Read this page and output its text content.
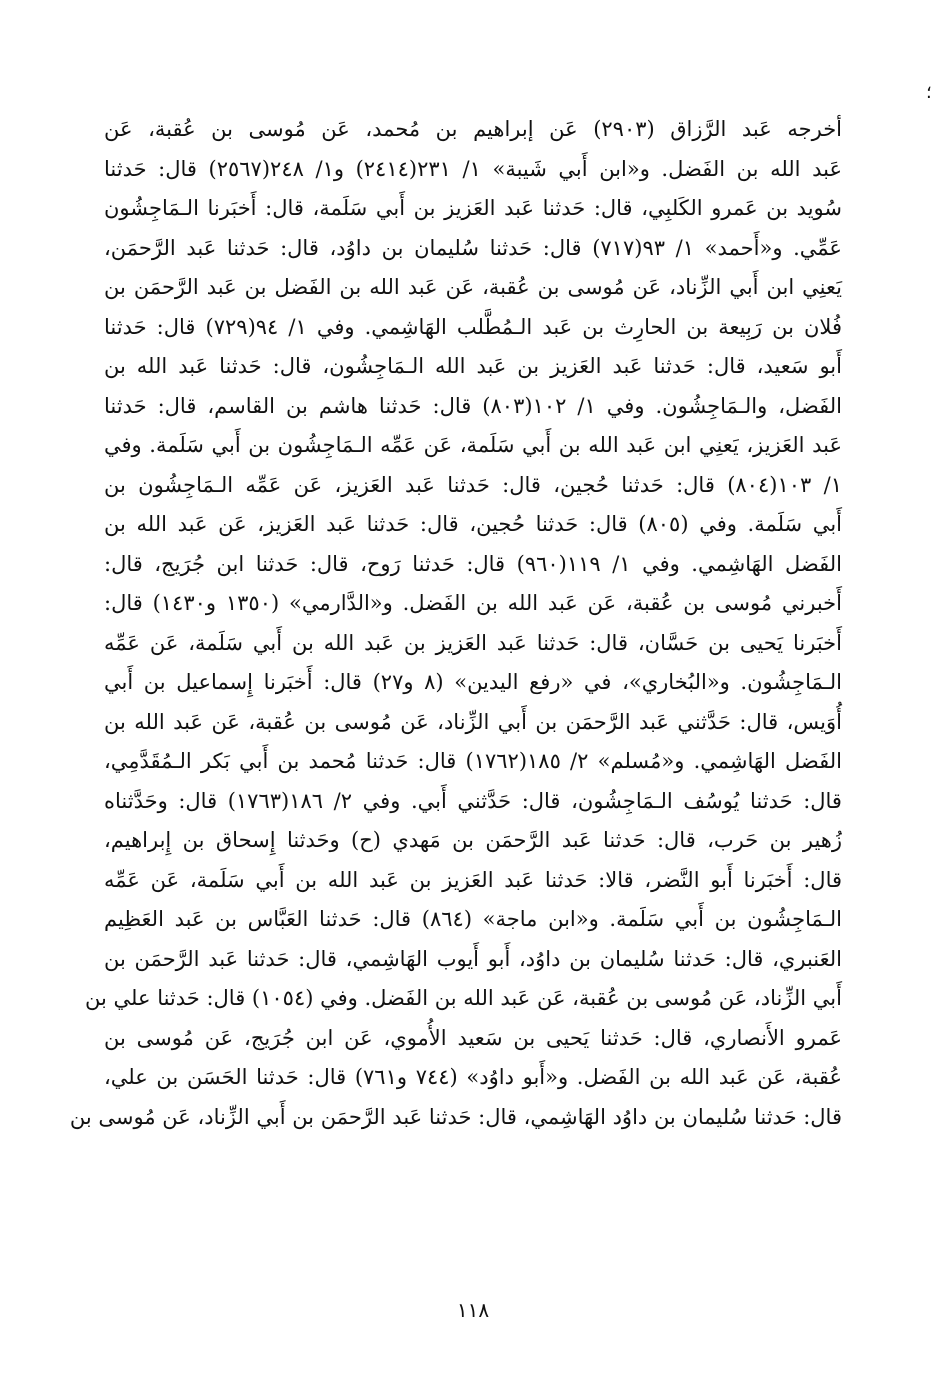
؛
أخرجه عَبد الرَّزاق (٢٩٠٣) عَن إبراهيم بن مُحمد، عَن مُوسى بن عُقبة، عَن
عَبد الله بن الفَضل. و«ابن أَبي شَيبة» ١/ ٢٣١(٢٤١٤) و١/ ٢٤٨(٢٥٦٧) قال: حَدثنا
سُويد بن عَمرو الكَلبِي، قال: حَدثنا عَبد العَزيز بن أَبي سَلَمة، قال: أَخبَرنا الـمَاجِشُون
عَمِّي. و«أَحمد» ١/ ٩٣(٧١٧) قال: حَدثنا سُليمان بن داوُد، قال: حَدثنا عَبد الرَّحمَن،
يَعنِي ابن أَبي الزِّناد، عَن مُوسى بن عُقبة، عَن عَبد الله بن الفَضل بن عَبد الرَّحمَن بن
فُلان بن رَبِيعة بن الحارِث بن عَبد الـمُطَّلب الهَاشِمي. وفي ١/ ٩٤(٧٢٩) قال: حَدثنا
أَبو سَعيد، قال: حَدثنا عَبد العَزيز بن عَبد الله الـمَاجِشُون، قال: حَدثنا عَبد الله بن
الفَضل، والـمَاجِشُون. وفي ١/ ١٠٢(٨٠٣) قال: حَدثنا هاشم بن القاسم، قال: حَدثنا
عَبد العَزيز، يَعنِي ابن عَبد الله بن أَبي سَلَمة، عَن عَمِّه الـمَاجِشُون بن أَبي سَلَمة. وفي
١/ ١٠٣(٨٠٤) قال: حَدثنا حُجين، قال: حَدثنا عَبد العَزيز، عَن عَمِّه الـمَاجِشُون بن
أَبي سَلَمة. وفي (٨٠٥) قال: حَدثنا حُجين، قال: حَدثنا عَبد العَزيز، عَن عَبد الله بن
الفَضل الهَاشِمي. وفي ١/ ١١٩(٩٦٠) قال: حَدثنا رَوح، قال: حَدثنا ابن جُرَيج، قال:
أَخبرني مُوسى بن عُقبة، عَن عَبد الله بن الفَضل. و«الدَّارمي» (١٣٥٠ و١٤٣٠) قال:
أَخبَرنا يَحيى بن حَسَّان، قال: حَدثنا عَبد العَزيز بن عَبد الله بن أَبي سَلَمة، عَن عَمِّه
الـمَاجِشُون. و«البُخاري»، في «رفع اليدين» (٨ و٢٧) قال: أَخبَرنا إِسماعيل بن أَبي
أُوَيس، قال: حَدَّثني عَبد الرَّحمَن بن أَبي الزِّناد، عَن مُوسى بن عُقبة، عَن عَبد الله بن
الفَضل الهَاشِمي. و«مُسلم» ٢/ ١٨٥(١٧٦٢) قال: حَدثنا مُحمد بن أَبي بَكر الـمُقَدَّمِي،
قال: حَدثنا يُوسُف الـمَاجِشُون، قال: حَدَّثني أَبي. وفي ٢/ ١٨٦(١٧٦٣) قال: وحَدَّثناه
زُهير بن حَرب، قال: حَدثنا عَبد الرَّحمَن بن مَهدي (ح) وحَدثنا إِسحاق بن إِبراهيم،
قال: أَخبَرنا أَبو النَّضر، قالا: حَدثنا عَبد العَزيز بن عَبد الله بن أَبي سَلَمة، عَن عَمِّه
الـمَاجِشُون بن أَبي سَلَمة. و«ابن ماجة» (٨٦٤) قال: حَدثنا العَبَّاس بن عَبد العَظِيم
العَنبري، قال: حَدثنا سُليمان بن داوُد، أَبو أَيوب الهَاشِمي، قال: حَدثنا عَبد الرَّحمَن بن
أَبي الزِّناد، عَن مُوسى بن عُقبة، عَن عَبد الله بن الفَضل. وفي (١٠٥٤) قال: حَدثنا علي بن
عَمرو الأَنصاري، قال: حَدثنا يَحيى بن سَعيد الأُموي، عَن ابن جُرَيج، عَن مُوسى بن
عُقبة، عَن عَبد الله بن الفَضل. و«أَبو داوُد» (٧٤٤ و٧٦١) قال: حَدثنا الحَسَن بن علي،
قال: حَدثنا سُليمان بن داوُد الهَاشِمي، قال: حَدثنا عَبد الرَّحمَن بن أَبي الزِّناد، عَن مُوسى بن
١١٨
